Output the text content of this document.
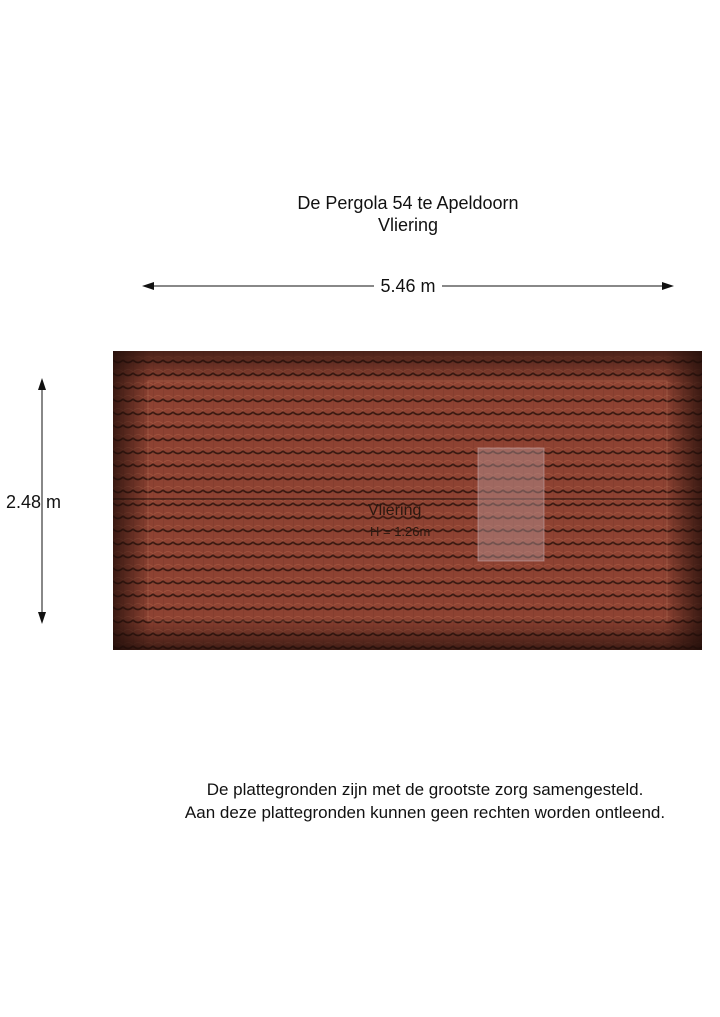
De Pergola 54 te Apeldoorn
Vliering
5.46 m
2.48 m	Vliering
H = 1.26m
De plattegronden zijn met de grootste zorg samengesteld.
Aan deze plattegronden kunnen geen rechten worden ontleend.
